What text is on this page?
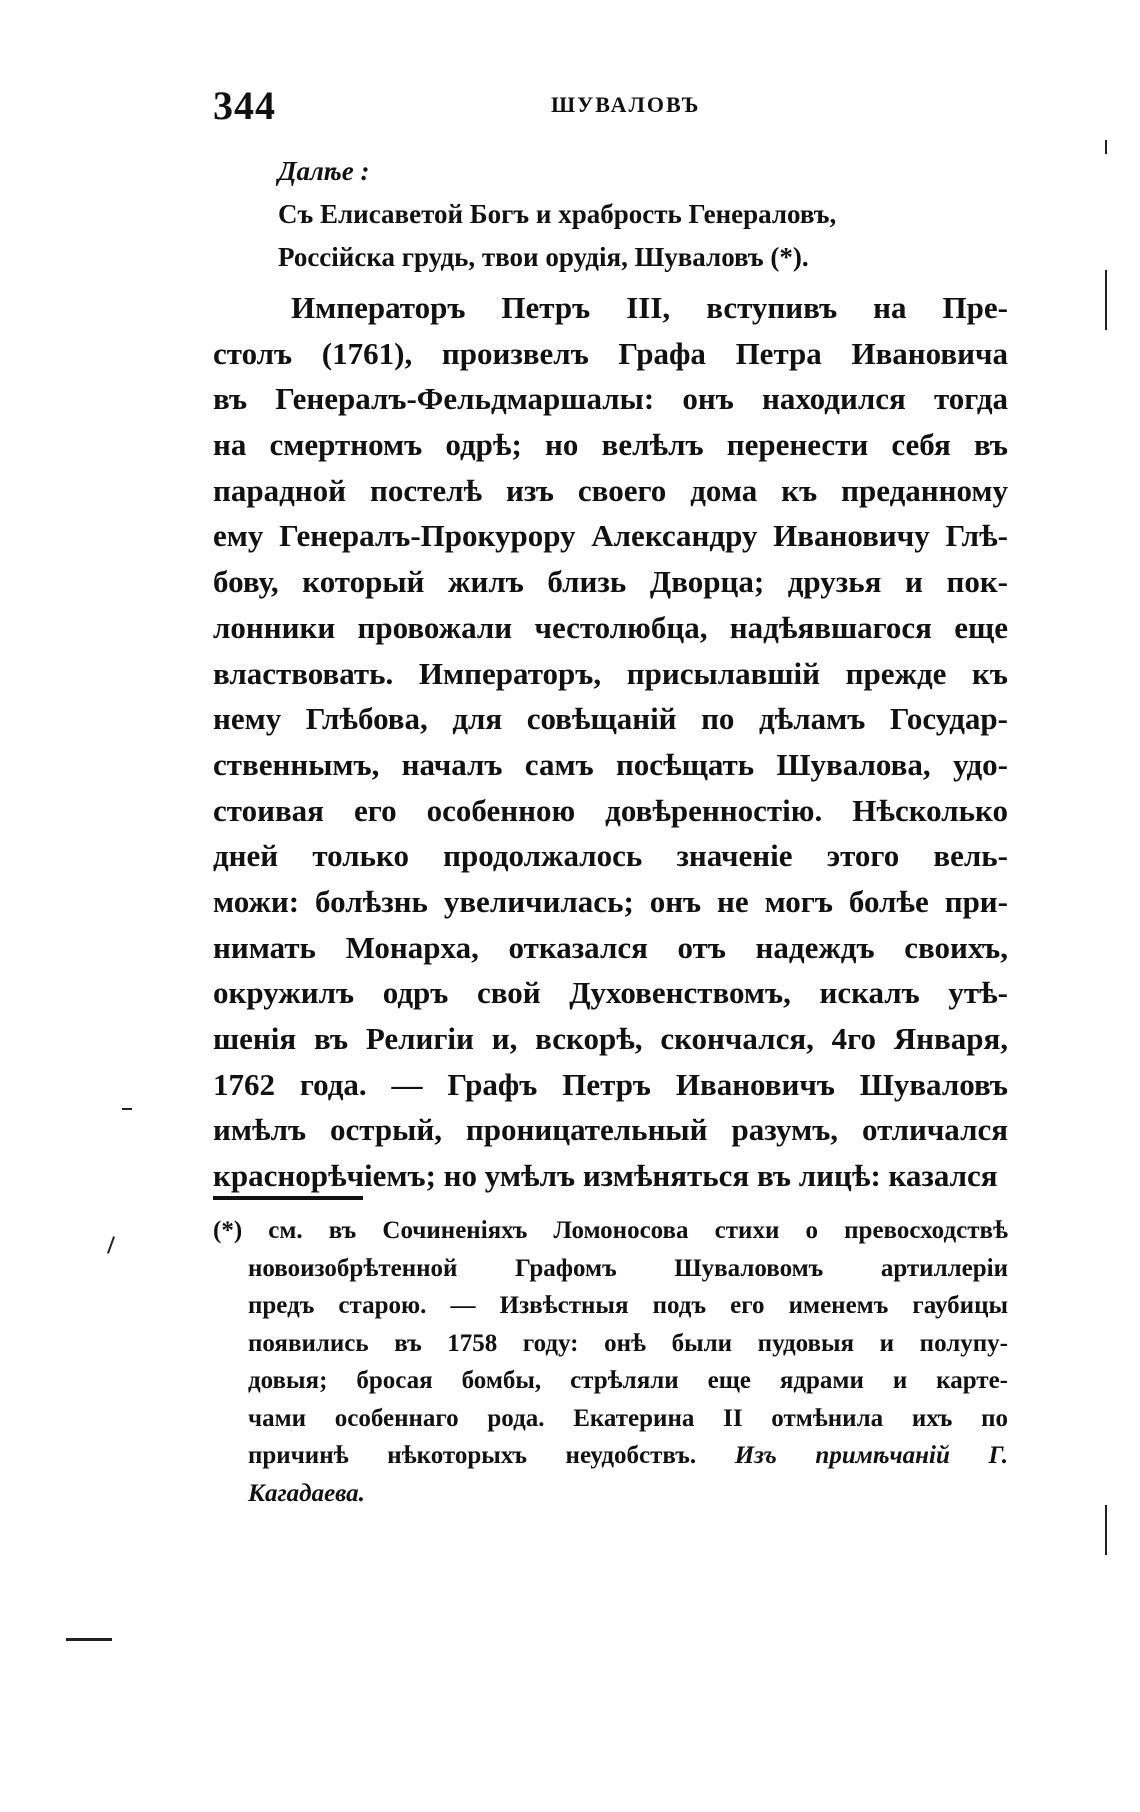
344	ШУВАЛОВЪ
Далѣе :
Съ Елисаветой Богъ и храбрость Генераловъ,
Россійска грудь, твои орудія, Шуваловъ (*).
Императоръ Петръ III, вступивъ на Пре-
столъ (1761), произвелъ Графа Петра Ивановича
въ Генералъ-Фельдмаршалы: онъ находился тогда
на смертномъ одрѣ; но велѣлъ перенести себя въ
парадной постелѣ изъ своего дома къ преданному
ему Генералъ-Прокурору Александру Ивановичу Глѣ-
бову, который жилъ близь Дворца; друзья и пок-
лонники провожали честолюбца, надѣявшагося еще
властвовать. Императоръ, присылавшій прежде къ
нему Глѣбова, для совѣщаній по дѣламъ Государ-
ственнымъ, началъ самъ посѣщать Шувалова, удо-
стоивая его особенною довѣренностію. Нѣсколько
дней только продолжалось значеніе этого вель-
можи: болѣзнь увеличилась; онъ не могъ болѣе при-
нимать Монарха, отказался отъ надеждъ своихъ,
окружилъ одръ свой Духовенствомъ, искалъ утѣ-
шенія въ Религіи и, вскорѣ, скончался, 4го Января,
1762 года. — Графъ Петръ Ивановичъ Шуваловъ
имѣлъ острый, проницательный разумъ, отличался
краснорѣчіемъ; но умѣлъ измѣняться въ лицѣ: казался
(*) см. въ Сочиненіяхъ Ломоносова стихи о превосходствѣ
новоизобрѣтенной Графомъ Шуваловомъ артиллеріи
предъ старою. — Извѣстныя подъ его именемъ гаубицы
появились въ 1758 году: онѣ были пудовыя и полупу-
довыя; бросая бомбы, стрѣляли еще ядрами и карте-
чами особеннаго рода. Екатерина II отмѣнила ихъ по
причинѣ нѣкоторыхъ неудобствъ. Изъ примѣчаній Г.
Кагадаева.
